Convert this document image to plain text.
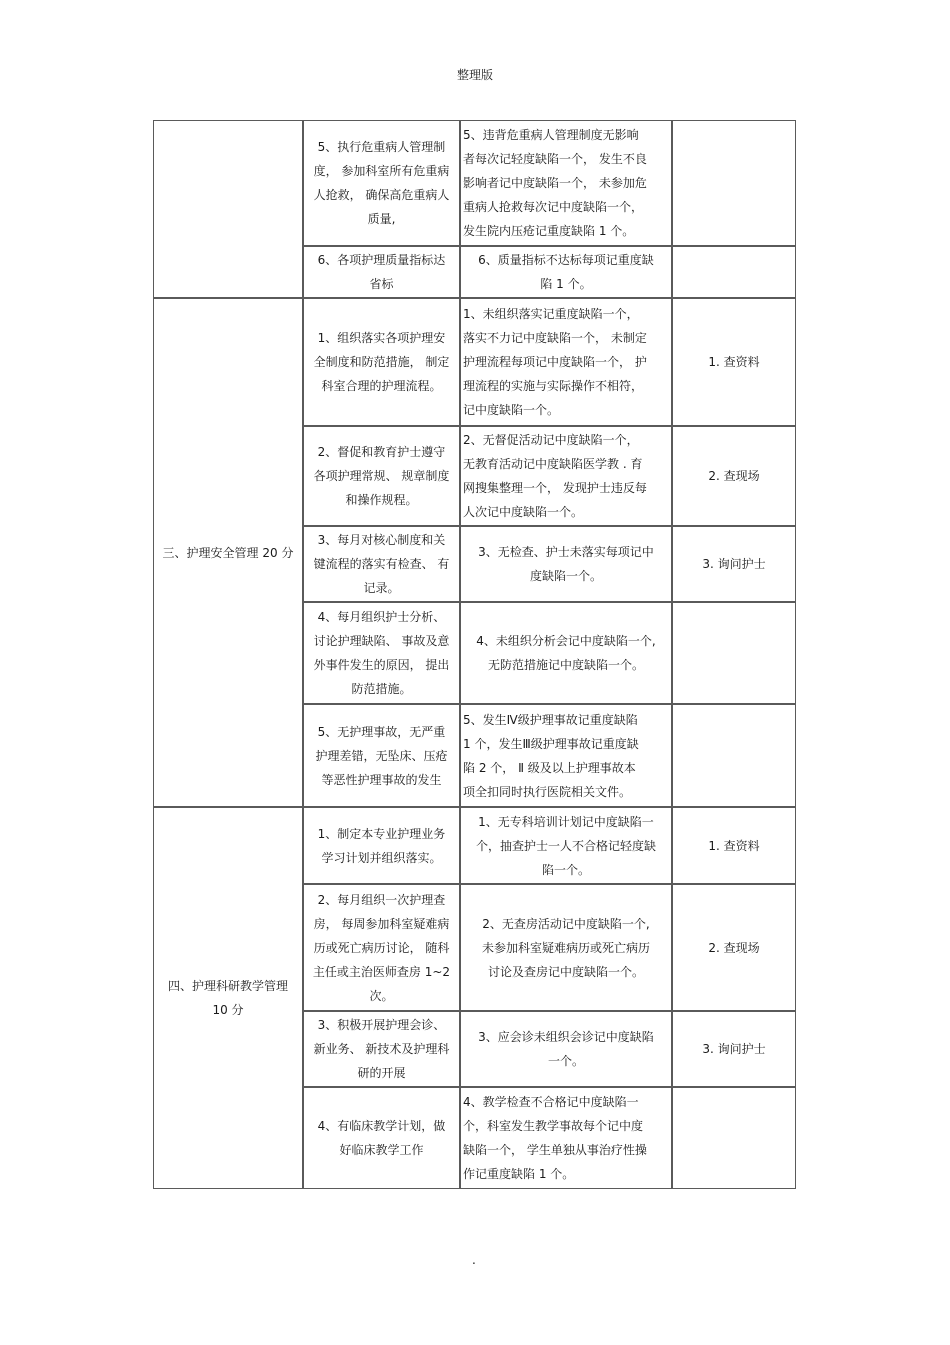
整理版
5、执行危重病人管理制
度， 参加科室所有危重病
人抢救， 确保高危重病人
质量,
5、违背危重病人管理制度无影响
者每次记轻度缺陷一个， 发生不良
影响者记中度缺陷一个， 未参加危
重病人抢救每次记中度缺陷一个，
发生院内压疮记重度缺陷 1 个。
6、各项护理质量指标达
省标
6、质量指标不达标每项记重度缺
陷 1 个。
三、护理安全管理 20 分
1、组织落实各项护理安
全制度和防范措施， 制定
科室合理的护理流程。
1、未组织落实记重度缺陷一个，
落实不力记中度缺陷一个， 未制定
护理流程每项记中度缺陷一个， 护
理流程的实施与实际操作不相符，
记中度缺陷一个。
1. 查资料
2、督促和教育护士遵守
各项护理常规、 规章制度
和操作规程。
2、无督促活动记中度缺陷一个，
无教育活动记中度缺陷医学教 . 育
网搜集整理一个， 发现护士违反每
人次记中度缺陷一个。
2. 查现场
3、每月对核心制度和关
键流程的落实有检查、 有
记录。
3、无检查、护士未落实每项记中
度缺陷一个。
3. 询问护士
4、每月组织护士分析、
讨论护理缺陷、 事故及意
外事件发生的原因， 提出
防范措施。
4、未组织分析会记中度缺陷一个,
无防范措施记中度缺陷一个。
5、无护理事故，无严重
护理差错，无坠床、压疮
等恶性护理事故的发生
5、发生Ⅳ级护理事故记重度缺陷
1 个，发生Ⅲ级护理事故记重度缺
陷 2 个， Ⅱ 级及以上护理事故本
项全扣同时执行医院相关文件。
四、护理科研教学管理
10 分
1、制定本专业护理业务
学习计划并组织落实。
1、无专科培训计划记中度缺陷一
个，抽查护士一人不合格记轻度缺
陷一个。
1. 查资料
2、每月组织一次护理查
房， 每周参加科室疑难病
历或死亡病历讨论， 随科
主任或主治医师查房 1~2
次。
2、无查房活动记中度缺陷一个,
未参加科室疑难病历或死亡病历
讨论及查房记中度缺陷一个。
2. 查现场
3、积极开展护理会诊、
新业务、 新技术及护理科
研的开展
3、应会诊未组织会诊记中度缺陷
一个。
3. 询问护士
4、有临床教学计划，做
好临床教学工作
4、教学检查不合格记中度缺陷一
个，科室发生教学事故每个记中度
缺陷一个， 学生单独从事治疗性操
作记重度缺陷 1 个。
.
